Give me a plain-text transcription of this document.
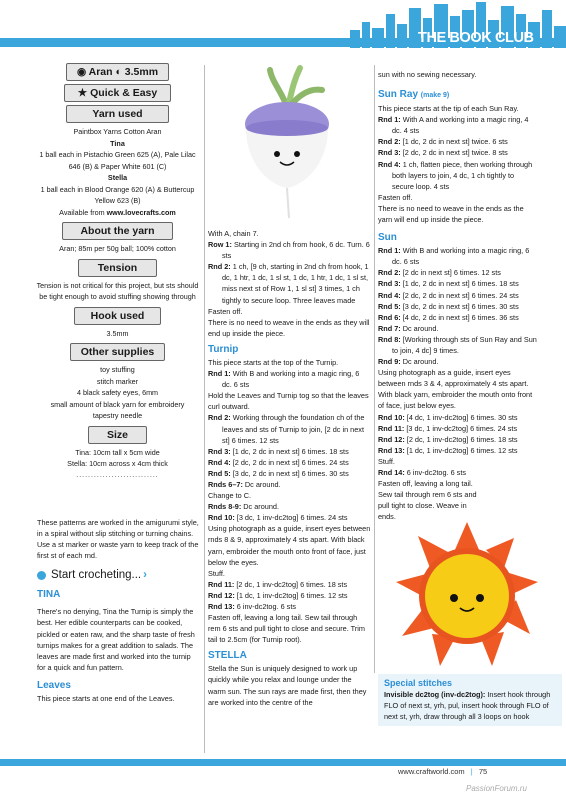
THE BOOK CLUB
◉ Aran ◐ 3.5mm
★ Quick & Easy
Yarn used
Paintbox Yarns Cotton Aran
Tina
1 ball each in Pistachio Green 625 (A), Pale Lilac 646 (B) & Paper White 601 (C)
Stella
1 ball each in Blood Orange 620 (A) & Buttercup Yellow 623 (B)
Available from www.lovecrafts.com
About the yarn
Aran; 85m per 50g ball; 100% cotton
Tension
Tension is not critical for this project, but sts should be tight enough to avoid stuffing showing through
Hook used
3.5mm
Other supplies
toy stuffing
stitch marker
4 black safety eyes, 6mm
small amount of black yarn for embroidery
tapestry needle
Size
Tina: 10cm tall x 5cm wide
Stella: 10cm across x 4cm thick
............................

These patterns are worked in the amigurumi style, in a spiral without slip stitching or turning chains. Use a st marker or waste yarn to keep track of the first st of each rnd.

Start crocheting... ›
TINA

There's no denying, Tina the Turnip is simply the best. Her edible counterparts can be cooked, pickled or eaten raw, and the sharp taste of fresh turnips makes for a great addition to salads. The leaves are made first and worked into the turnip for a quick and fun pattern.

Leaves

This piece starts at one end of the Leaves.

With A, chain 7.

Row 1: Starting in 2nd ch from hook, 6 dc. Turn. 6 sts

Rnd 2: 1 ch, [9 ch, starting in 2nd ch from hook, 1 dc, 1 htr, 1 dc, 1 sl st, 1 dc, 1 htr, 1 dc, 1 sl st, miss next st of Row 1, 1 sl st] 3 times, 1 ch tightly to secure loop. Three leaves made

Fasten off.

There is no need to weave in the ends as they will end up inside the piece.

Turnip

This piece starts at the top of the Turnip.

Rnd 1: With B and working into a magic ring, 6 dc. 6 sts

Hold the Leaves and Turnip tog so that the leaves curl outward.

Rnd 2: Working through the foundation ch of the leaves and sts of Turnip to join, [2 dc in next st] 6 times. 12 sts

Rnd 3: [1 dc, 2 dc in next st] 6 times. 18 sts

Rnd 4: [2 dc, 2 dc in next st] 6 times. 24 sts

Rnd 5: [3 dc, 2 dc in next st] 6 times. 30 sts

Rnds 6–7: Dc around.

Change to C.

Rnds 8-9: Dc around.

Rnd 10: [3 dc, 1 inv-dc2tog] 6 times. 24 sts

Using photograph as a guide, insert eyes between rnds 8 & 9, approximately 4 sts apart. With black yarn, embroider the mouth onto front of face, just below the eyes.

Stuff.

Rnd 11: [2 dc, 1 inv-dc2tog] 6 times. 18 sts

Rnd 12: [1 dc, 1 inv-dc2tog] 6 times. 12 sts

Rnd 13: 6 inv-dc2tog. 6 sts

Fasten off, leaving a long tail. Sew tail through rem 6 sts and pull tight to close and secure. Trim tail to 2.5cm (for Turnip root).

STELLA

Stella the Sun is uniquely designed to work up quickly while you relax and lounge under the warm sun. The sun rays are made first, then they are worked into the centre of the

sun with no sewing necessary.

Sun Ray (make 9)

This piece starts at the tip of each Sun Ray.

Rnd 1: With A and working into a magic ring, 4 dc. 4 sts

Rnd 2: [1 dc, 2 dc in next st] twice. 6 sts

Rnd 3: [2 dc, 2 dc in next st] twice. 8 sts

Rnd 4: 1 ch, flatten piece, then working through both layers to join, 4 dc, 1 ch tightly to secure loop. 4 sts

Fasten off.

There is no need to weave in the ends as the yarn will end up inside the piece.

Sun

Rnd 1: With B and working into a magic ring, 6 dc. 6 sts

Rnd 2: [2 dc in next st] 6 times. 12 sts

Rnd 3: [1 dc, 2 dc in next st] 6 times. 18 sts

Rnd 4: [2 dc, 2 dc in next st] 6 times. 24 sts

Rnd 5: [3 dc, 2 dc in next st] 6 times. 30 sts

Rnd 6: [4 dc, 2 dc in next st] 6 times. 36 sts

Rnd 7: Dc around.

Rnd 8: [Working through sts of Sun Ray and Sun to join, 4 dc] 9 times.

Rnd 9: Dc around.

Using photograph as a guide, insert eyes between rnds 3 & 4, approximately 4 sts apart. With black yarn, embroider the mouth onto front of face, just below eyes.

Rnd 10: [4 dc, 1 inv-dc2tog] 6 times. 30 sts

Rnd 11: [3 dc, 1 inv-dc2tog] 6 times. 24 sts

Rnd 12: [2 dc, 1 inv-dc2tog] 6 times. 18 sts

Rnd 13: [1 dc, 1 inv-dc2tog] 6 times. 12 sts

Stuff.

Rnd 14: 6 inv-dc2tog. 6 sts

Fasten off, leaving a long tail. Sew tail through rem 6 sts and pull tight to close. Weave in ends.

Special stitches

Invisible dc2tog (inv-dc2tog): Insert hook through FLO of next st, yrh, pul, insert hook through FLO of next st, yrh, draw through all 3 loops on hook

www.craftworld.com | 75
PassionForum.ru
